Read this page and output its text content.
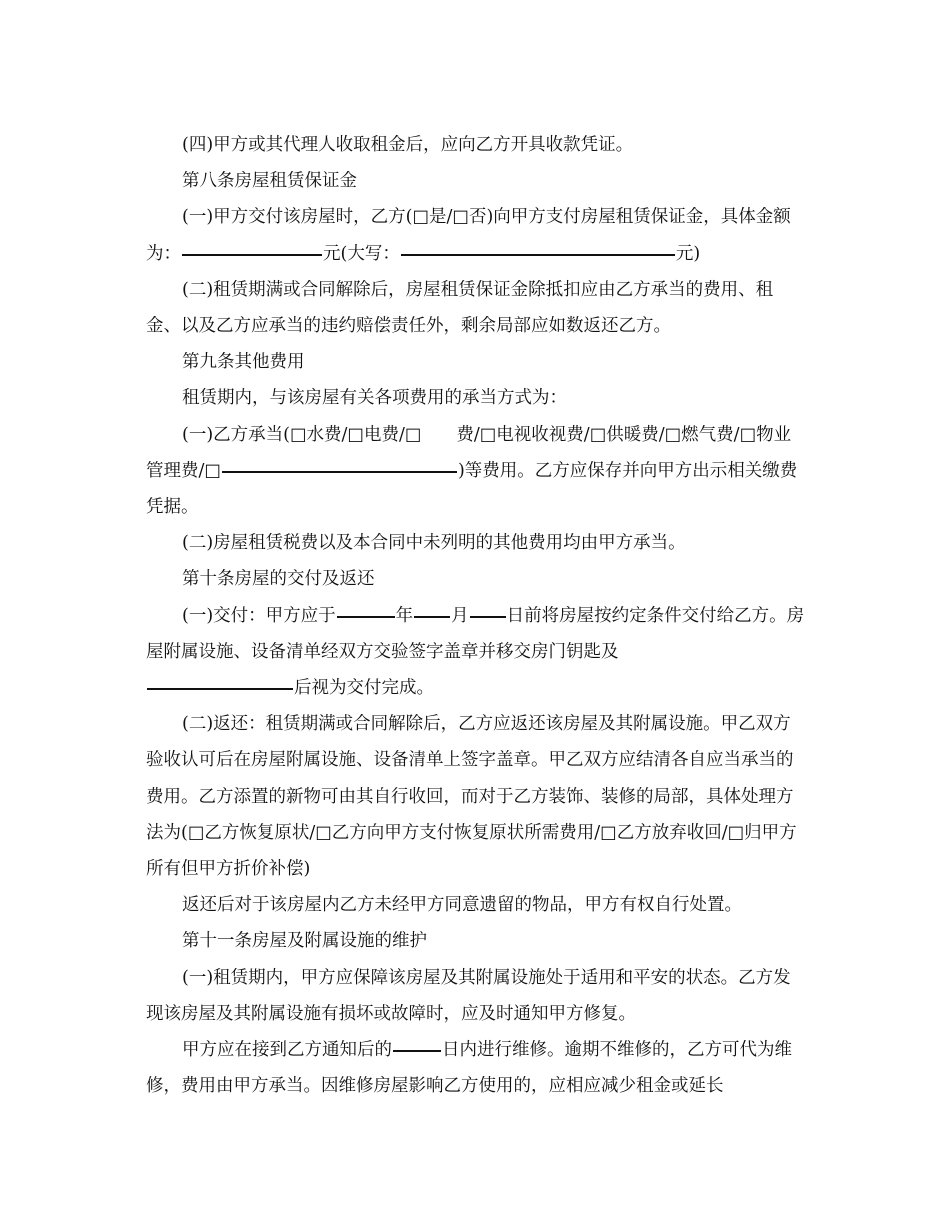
(四)甲方或其代理人收取租金后，应向乙方开具收款凭证。

第八条房屋租赁保证金

(一)甲方交付该房屋时，乙方(□是/□否)向甲方支付房屋租赁保证金，具体金额为：	元(大写：	元)

(二)租赁期满或合同解除后，房屋租赁保证金除抵扣应由乙方承当的费用、租金、以及乙方应承当的违约赔偿责任外，剩余局部应如数返还乙方。

第九条其他费用

租赁期内，与该房屋有关各项费用的承当方式为：

(一)乙方承当(□水费/□电费/□　　费/□电视收视费/□供暖费/□燃气费/□物业管理费/□	)等费用。乙方应保存并向甲方出示相关缴费凭据。

(二)房屋租赁税费以及本合同中未列明的其他费用均由甲方承当。

第十条房屋的交付及返还

(一)交付：甲方应于	年 月 日前将房屋按约定条件交付给乙方。房屋附属设施、设备清单经双方交验签字盖章并移交房门钥匙及
后视为交付完成。

(二)返还：租赁期满或合同解除后，乙方应返还该房屋及其附属设施。甲乙双方验收认可后在房屋附属设施、设备清单上签字盖章。甲乙双方应结清各自应当承当的费用。乙方添置的新物可由其自行收回，而对于乙方装饰、装修的局部，具体处理方法为(□乙方恢复原状/□乙方向甲方支付恢复原状所需费用/□乙方放弃收回/□归甲方所有但甲方折价补偿)

返还后对于该房屋内乙方未经甲方同意遗留的物品，甲方有权自行处置。

第十一条房屋及附属设施的维护

(一)租赁期内，甲方应保障该房屋及其附属设施处于适用和平安的状态。乙方发现该房屋及其附属设施有损坏或故障时，应及时通知甲方修复。

甲方应在接到乙方通知后的	日内进行维修。逾期不维修的，乙方可代为维修，费用由甲方承当。因维修房屋影响乙方使用的，应相应减少租金或延长
